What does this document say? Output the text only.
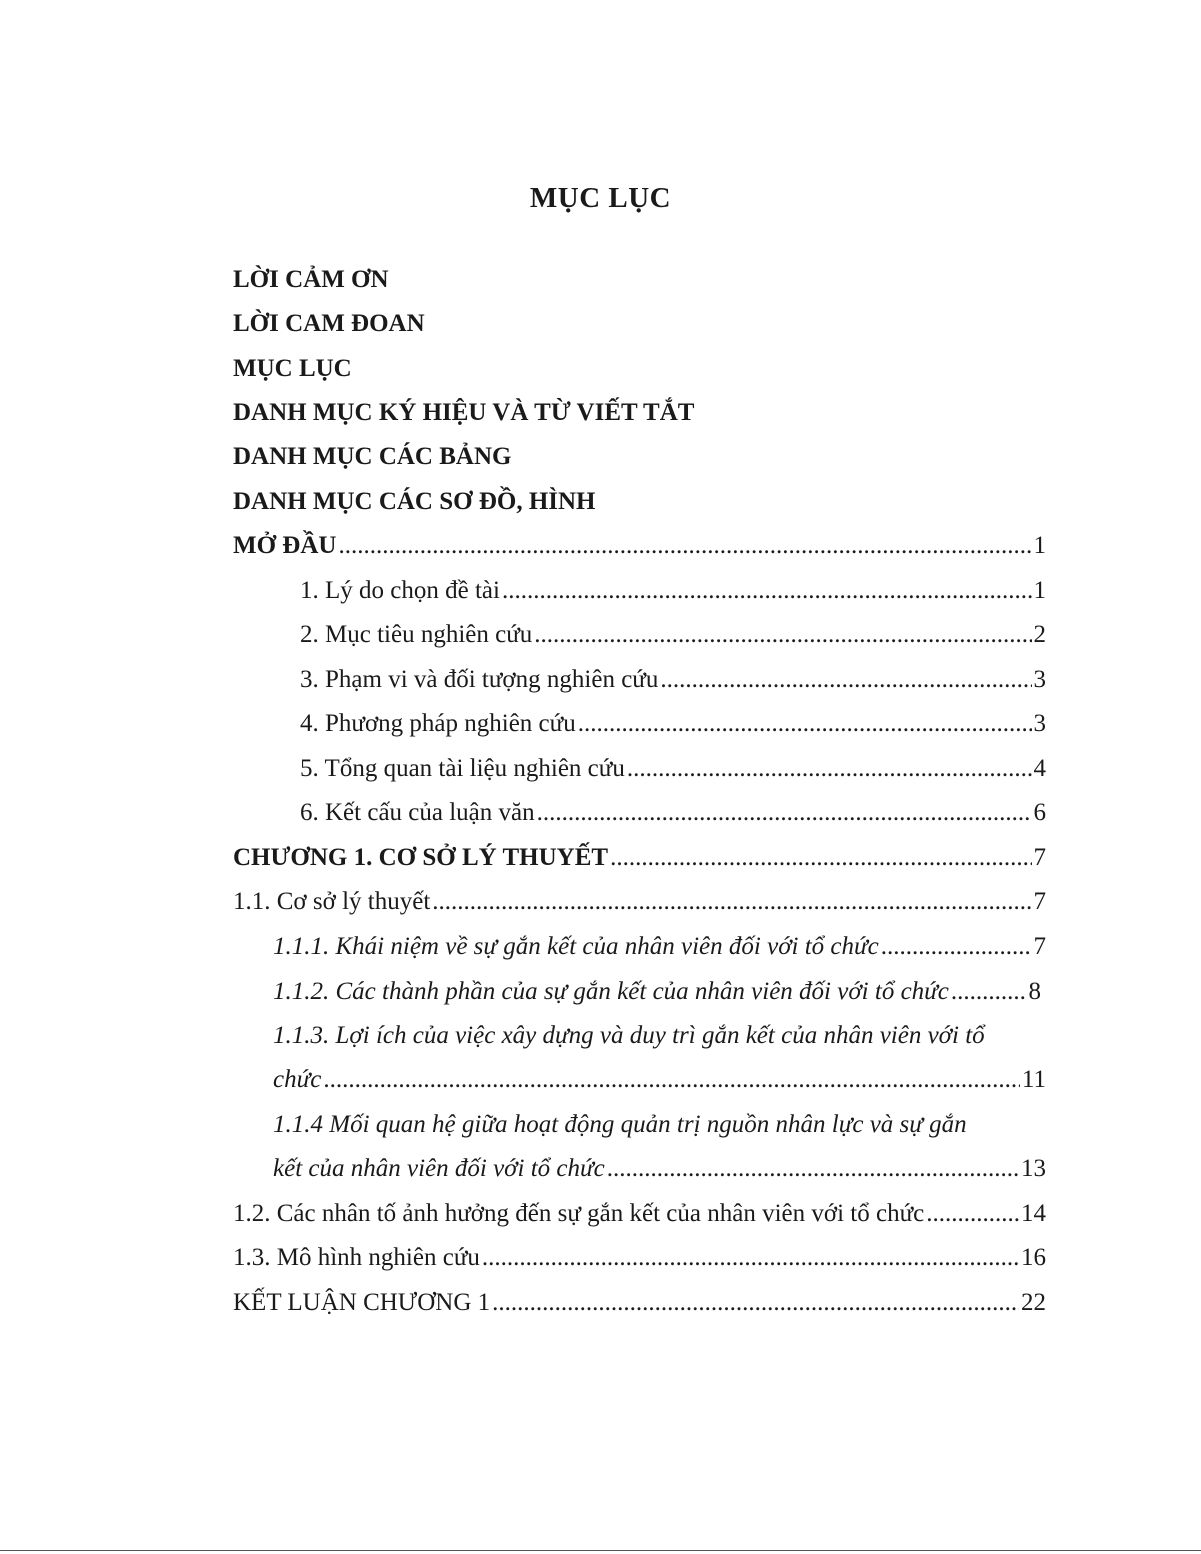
MỤC LỤC
LỜI CẢM ƠN
LỜI CAM ĐOAN
MỤC LỤC
DANH MỤC KÝ HIỆU VÀ TỪ VIẾT TẮT
DANH MỤC CÁC BẢNG
DANH MỤC CÁC SƠ ĐỒ, HÌNH
MỞ ĐẦU .....	1
1. Lý do chọn đề tài .....	1
2. Mục tiêu nghiên cứu .....	2
3. Phạm vi và đối tượng nghiên cứu .....	3
4. Phương pháp nghiên cứu .....	3
5. Tổng quan tài liệu nghiên cứu .....	4
6. Kết cấu của luận văn .....	6
CHƯƠNG 1. CƠ SỞ LÝ THUYẾT .....	7
1.1. Cơ sở lý thuyết .....	7
1.1.1. Khái niệm về sự gắn kết của nhân viên đối với tổ chức .....	7
1.1.2. Các thành phần của sự gắn kết của nhân viên đối với tổ chức .....	8
1.1.3. Lợi ích của việc xây dựng và duy trì gắn kết của nhân viên với tổ
chức .....	11
1.1.4 Mối quan hệ giữa hoạt động quản trị nguồn nhân lực và sự gắn
kết của nhân viên đối với tổ chức .....	13
1.2. Các nhân tố ảnh hưởng đến sự gắn kết của nhân viên với tổ chức .....	14
1.3. Mô hình nghiên cứu .....	16
KẾT LUẬN CHƯƠNG 1 .....	22
